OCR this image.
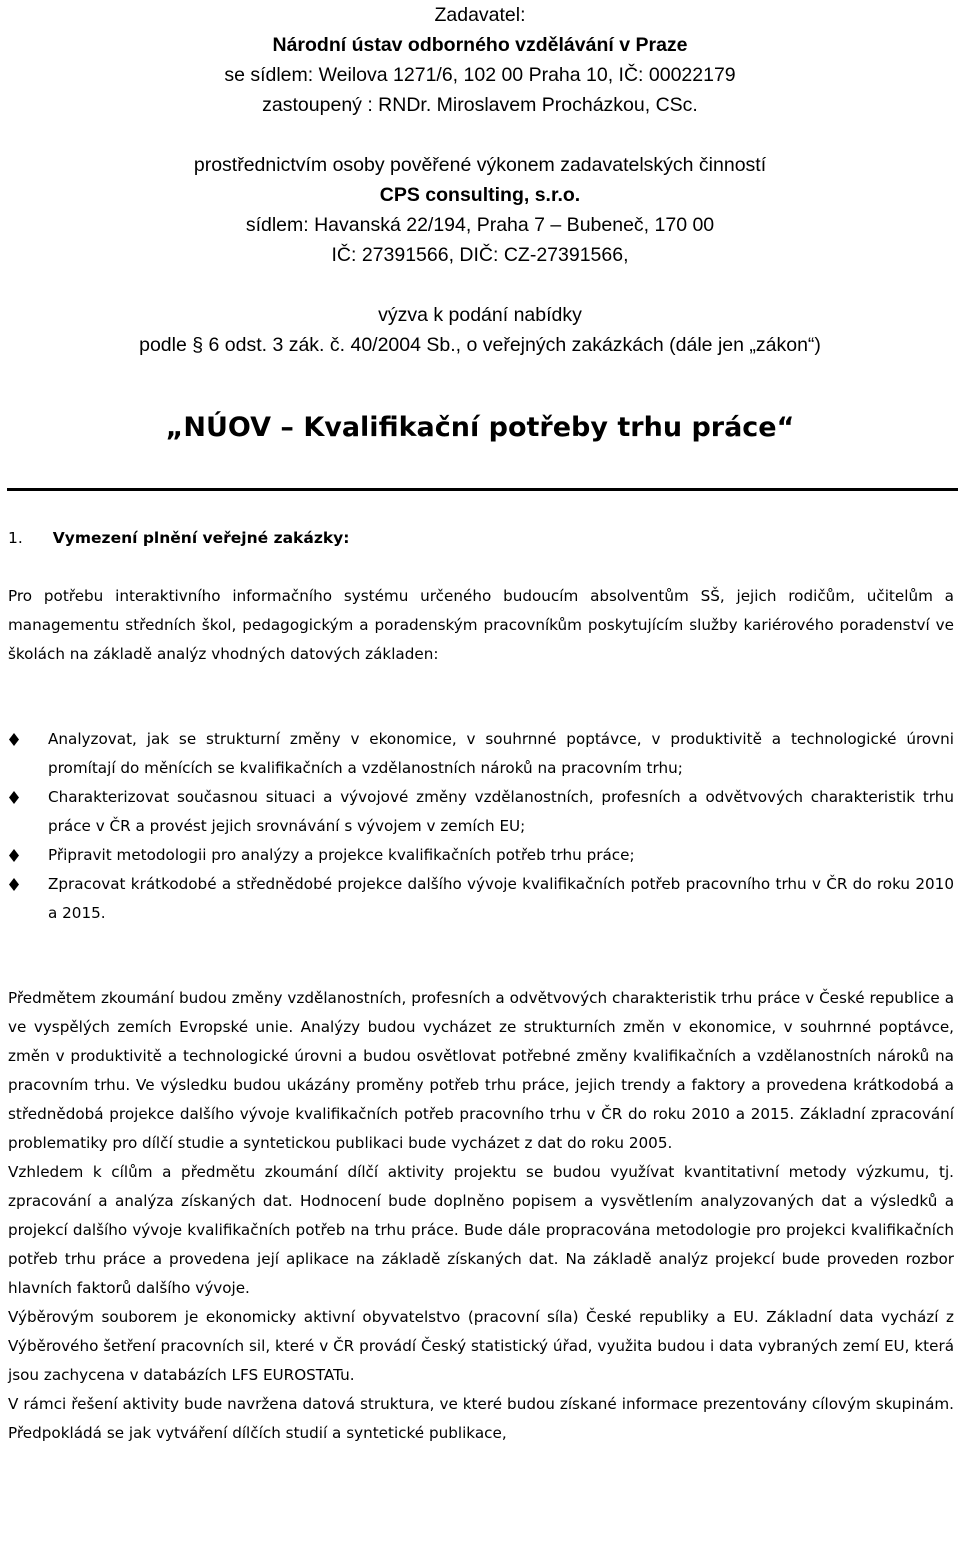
Zadavatel:
Národní ústav odborného vzdělávání v Praze
se sídlem: Weilova 1271/6, 102 00 Praha 10, IČ: 00022179
zastoupený : RNDr. Miroslavem Procházkou, CSc.
prostřednictvím osoby pověřené výkonem zadavatelských činností
CPS consulting, s.r.o.
sídlem: Havanská 22/194, Praha 7 – Bubeneč, 170 00
IČ: 27391566, DIČ: CZ-27391566,
výzva k podání nabídky
podle § 6 odst. 3 zák. č. 40/2004 Sb., o veřejných zakázkách (dále jen „zákon“)
„NÚOV – Kvalifikační potřeby trhu práce“
1. Vymezení plnění veřejné zakázky:

Pro potřebu interaktivního informačního systému určeného budoucím absolventům SŠ, jejich rodičům, učitelům a managementu středních škol, pedagogickým a poradenským pracovníkům poskytujícím služby kariérového poradenství ve školách na základě analýz vhodných datových základen:

Analyzovat, jak se strukturní změny v ekonomice, v souhrnné poptávce, v produktivitě a technologické úrovni promítají do měnících se kvalifikačních a vzdělanostních nároků na pracovním trhu;
Charakterizovat současnou situaci a vývojové změny vzdělanostních, profesních a odvětvových charakteristik trhu práce v ČR a provést jejich srovnávání s vývojem v zemích EU;
Připravit metodologii pro analýzy a projekce kvalifikačních potřeb trhu práce;
Zpracovat krátkodobé a střednědobé projekce dalšího vývoje kvalifikačních potřeb pracovního trhu v ČR do roku 2010 a 2015.

Předmětem zkoumání budou změny vzdělanostních, profesních a odvětvových charakteristik trhu práce v České republice a ve vyspělých zemích Evropské unie. Analýzy budou vycházet ze strukturních změn v ekonomice, v souhrnné poptávce, změn v produktivitě a technologické úrovni a budou osvětlovat potřebné změny kvalifikačních a vzdělanostních nároků na pracovním trhu. Ve výsledku budou ukázány proměny potřeb trhu práce, jejich trendy a faktory a provedena krátkodobá a střednědobá projekce dalšího vývoje kvalifikačních potřeb pracovního trhu v ČR do roku 2010 a 2015. Základní zpracování problematiky pro dílčí studie a syntetickou publikaci bude vycházet z dat do roku 2005.

Vzhledem k cílům a předmětu zkoumání dílčí aktivity projektu se budou využívat kvantitativní metody výzkumu, tj. zpracování a analýza získaných dat. Hodnocení bude doplněno popisem a vysvětlením analyzovaných dat a výsledků a projekcí dalšího vývoje kvalifikačních potřeb na trhu práce. Bude dále propracována metodologie pro projekci kvalifikačních potřeb trhu práce a provedena její aplikace na základě získaných dat. Na základě analýz projekcí bude proveden rozbor hlavních faktorů dalšího vývoje.

Výběrovým souborem je ekonomicky aktivní obyvatelstvo (pracovní síla) České republiky a EU. Základní data vychází z Výběrového šetření pracovních sil, které v ČR provádí Český statistický úřad, využita budou i data vybraných zemí EU, která jsou zachycena v databázích LFS EUROSTATu.

V rámci řešení aktivity bude navržena datová struktura, ve které budou získané informace prezentovány cílovým skupinám. Předpokládá se jak vytváření dílčích studií a syntetické publikace,
